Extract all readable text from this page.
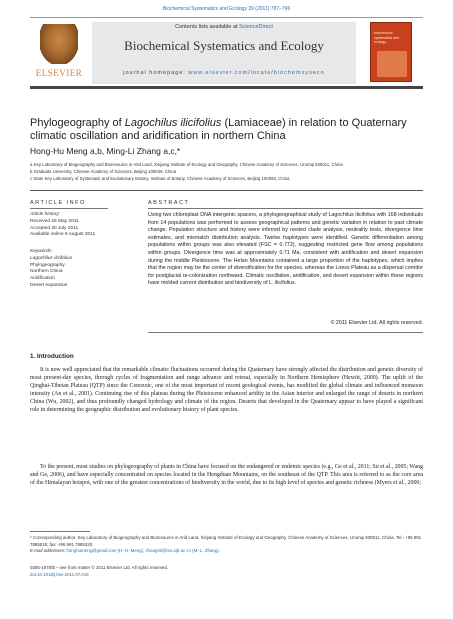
Biochemical Systematics and Ecology 39 (2011) 787–796
ELSEVIER
Contents lists available at ScienceDirect
Biochemical Systematics and Ecology
journal homepage: www.elsevier.com/locate/biochemsyseco
biochemical systematics and ecology
Phylogeography of Lagochilus ilicifolius (Lamiaceae) in relation to Quaternary climatic oscillation and aridification in northern China
Hong-Hu Meng a,b, Ming-Li Zhang a,c,*
a Key Laboratory of Biogeography and Bioresource in Arid Land, Xinjiang Institute of Ecology and Geography, Chinese Academy of Sciences, Urumqi 830011, China
b Graduate University, Chinese Academy of Sciences, Beijing 100049, China
c State Key Laboratory of Systematic and Evolutionary Botany, Institute of Botany, Chinese Academy of Sciences, Beijing 100093, China
ARTICLE INFO	ABSTRACT
Article history:
Received 25 May 2011
Accepted 30 July 2011
Available online 9 August 2011
Keywords:
Lagochilus ilicifolius
Phylogeography
Northern China
Aridification
Desert expansion
Using two chloroplast DNA intergenic spacers, a phylogeographical study of Lagochilus ilicifolius with 168 individuals from 14 populations was performed to assess geographical patterns and genetic variation in relation to past climate change. Population structure and history were inferred by nested clade analysis, neutrality tests, divergence time estimates, and mismatch distribution analysis. Twelve haplotypes were identified. Genetic differentiation among populations within groups was also elevated (FSC = 0.772), suggesting restricted gene flow among populations within groups. Divergence time was at approximately 0.71 Ma, consistent with aridification and desert expansion during the middle Pleistocene. The Helan Mountains contained a large proportion of the haplotypes, which implies that the region may be the center of diversification for the species, whereas the Loess Plateau as a dispersal corridor for postglacial re-colonization northward. Climatic oscillation, aridification, and desert expansion within these regions have molded current distribution and biodiversity of L. ilicifolius.
© 2011 Elsevier Ltd. All rights reserved.
1. Introduction
It is now well appreciated that the remarkable climatic fluctuations occurred during the Quaternary have strongly affected the distribution and genetic diversity of most present-day species, through cycles of fragmentation and range advance and retreat, especially in Northern Hemisphere (Hewitt, 2000). The uplift of the Qinghai-Tibetan Plateau (QTP) since the Cenozoic, one of the most important of recent geological events, has modified the global climate and influenced monsoon intensity (An et al., 2001). Continuing rise of this plateau during the Pleistocene enhanced aridity in the Asian interior and enlarged the range of deserts in northern China (Wu, 2002), and thus profoundly changed hydrology and climate of the region. Deserts that developed in the Quaternary appear to have played a significant role in determining the geographic distribution and evolutionary history of plant species.
To the present, most studies on phylogeography of plants in China have focused on the endangered or endemic species (e.g., Ge et al., 2011; Su et al., 2005; Wang and Ge, 2006), and have especially concentrated on species located in the Hengduan Mountains, on the southeast of the QTP. This area is referred to as the core area of the Himalayan hotspot, with one of the greatest concentrations of biodiversity in the world, due to its high level of species and genetic richness (Myers et al., 2000;
* Corresponding author. Key Laboratory of Biogeography and Bioresource in Arid Land, Xinjiang Institute of Ecology and Geography, Chinese Academy of Sciences, Urumqi 830011, China. Tel.: +86 991 7885515; fax: +86 991 7885320.
E-mail addresses: honghumeng@gmail.com (H.-H. Meng), zhangml@ms.xjb.ac.cn (M.-L. Zhang).
0305-1978/$ – see front matter © 2011 Elsevier Ltd. All rights reserved.
doi:10.1016/j.bse.2011.07.015
